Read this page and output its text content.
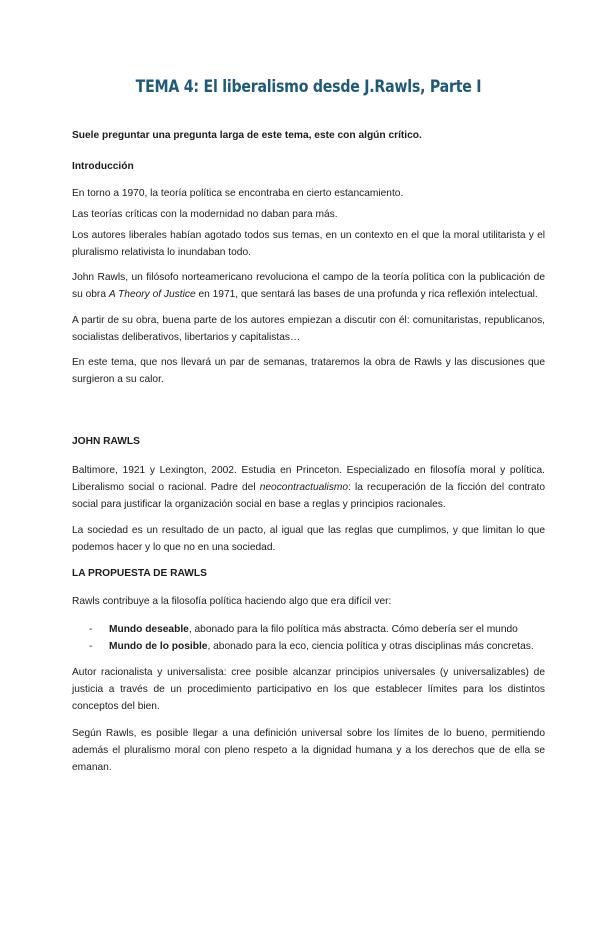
TEMA 4: El liberalismo desde J.Rawls, Parte I

Suele preguntar una pregunta larga de este tema, este con algún crítico.

Introducción

En torno a 1970, la teoría política se encontraba en cierto estancamiento.

Las teorías críticas con la modernidad no daban para más.

Los autores liberales habían agotado todos sus temas, en un contexto en el que la moral utilitarista y el pluralismo relativista lo inundaban todo.

John Rawls, un filósofo norteamericano revoluciona el campo de la teoría política con la publicación de su obra A Theory of Justice en 1971, que sentará las bases de una profunda y rica reflexión intelectual.

A partir de su obra, buena parte de los autores empiezan a discutir con él: comunitaristas, republicanos, socialistas deliberativos, libertarios y capitalistas…

En este tema, que nos llevará un par de semanas, trataremos la obra de Rawls y las discusiones que surgieron a su calor.

JOHN RAWLS

Baltimore, 1921 y Lexington, 2002. Estudia en Princeton. Especializado en filosofía moral y política. Liberalismo social o racional. Padre del neocontractualismo: la recuperación de la ficción del contrato social para justificar la organización social en base a reglas y principios racionales.

La sociedad es un resultado de un pacto, al igual que las reglas que cumplimos, y que limitan lo que podemos hacer y lo que no en una sociedad.

LA PROPUESTA DE RAWLS

Rawls contribuye a la filosofía política haciendo algo que era difícil ver:

- Mundo deseable, abonado para la filo política más abstracta. Cómo debería ser el mundo
- Mundo de lo posible, abonado para la eco, ciencia política y otras disciplinas más concretas.

Autor racionalista y universalista: cree posible alcanzar principios universales (y universalizables) de justicia a través de un procedimiento participativo en los que establecer límites para los distintos conceptos del bien.

Según Rawls, es posible llegar a una definición universal sobre los límites de lo bueno, permitiendo además el pluralismo moral con pleno respeto a la dignidad humana y a los derechos que de ella se emanan.
